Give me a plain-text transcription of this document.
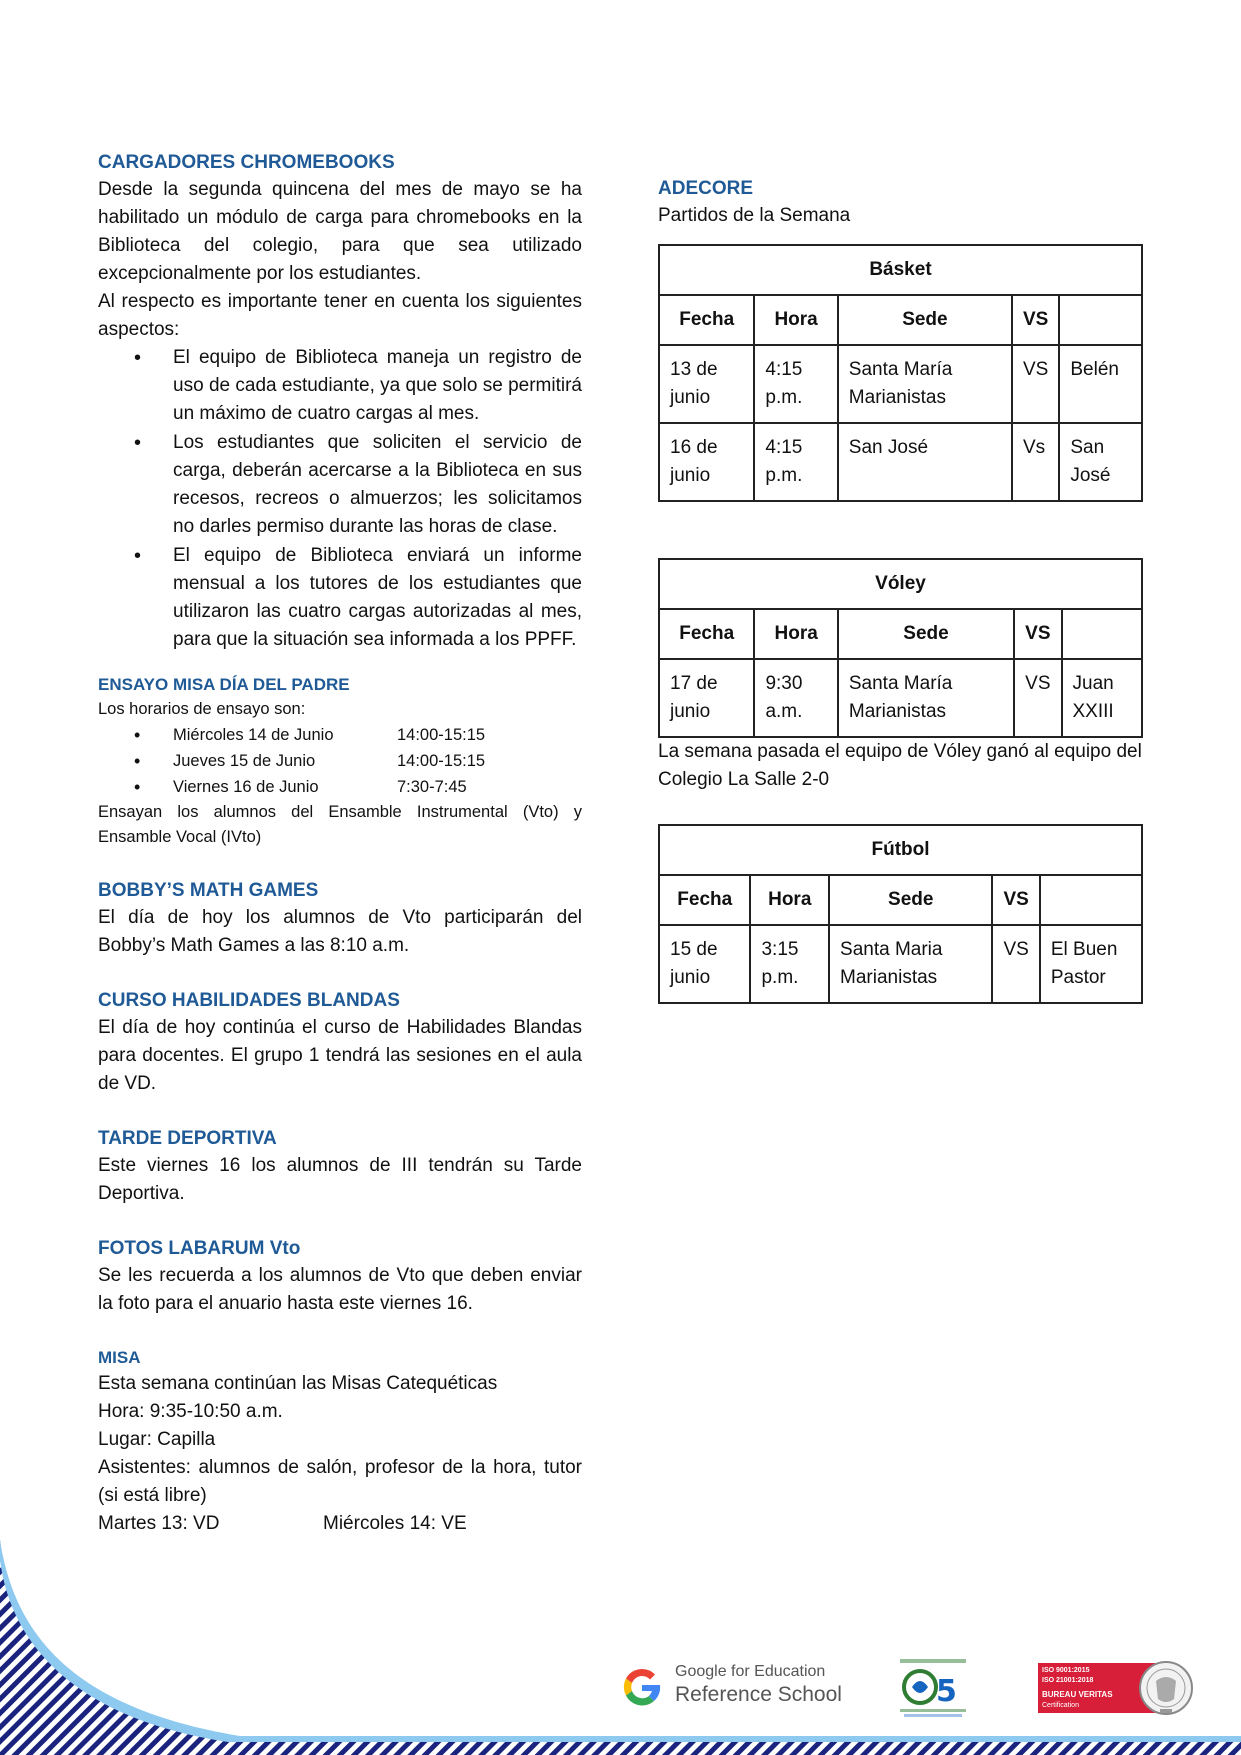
CARGADORES CHROMEBOOKS

Desde la segunda quincena del mes de mayo se ha habilitado un módulo de carga para chromebooks en la Biblioteca del colegio, para que sea utilizado excepcionalmente por los estudiantes.

Al respecto es importante tener en cuenta los siguientes aspectos:

• El equipo de Biblioteca maneja un registro de uso de cada estudiante, ya que solo se permitirá un máximo de cuatro cargas al mes.
• Los estudiantes que soliciten el servicio de carga, deberán acercarse a la Biblioteca en sus recesos, recreos o almuerzos; les solicitamos no darles permiso durante las horas de clase.
• El equipo de Biblioteca enviará un informe mensual a los tutores de los estudiantes que utilizaron las cuatro cargas autorizadas al mes, para que la situación sea informada a los PPFF.
ENSAYO MISA DÍA DEL PADRE

Los horarios de ensayo son:

• Miércoles 14 de Junio	14:00-15:15
• Jueves 15 de Junio	14:00-15:15
• Viernes 16 de Junio	7:30-7:45

Ensayan los alumnos del Ensamble Instrumental (Vto) y Ensamble Vocal (IVto)

BOBBY’S MATH GAMES

El día de hoy los alumnos de Vto participarán del Bobby’s Math Games a las 8:10 a.m.

CURSO HABILIDADES BLANDAS

El día de hoy continúa el curso de Habilidades Blandas para docentes. El grupo 1 tendrá las sesiones en el aula de VD.

TARDE DEPORTIVA

Este viernes 16 los alumnos de III tendrán su Tarde Deportiva.

FOTOS LABARUM Vto

Se les recuerda a los alumnos de Vto que deben enviar la foto para el anuario hasta este viernes 16.

MISA

Esta semana continúan las Misas Catequéticas

Hora: 9:35-10:50 a.m.

Lugar: Capilla

Asistentes: alumnos de salón, profesor de la hora, tutor (si está libre)

Martes 13: VD	Miércoles 14: VE

ADECORE

Partidos de la Semana

Básket				
Fecha	Hora	Sede	VS	
13 de junio	4:15 p.m.	Santa María Marianistas	VS	Belén
16 de junio	4:15 p.m.	San José	Vs	San José
Vóley				
Fecha	Hora	Sede	VS	
17 de junio	9:30 a.m.	Santa María Marianistas	VS	Juan XXIII

La semana pasada el equipo de Vóley ganó al equipo del Colegio La Salle 2-0

Fútbol				
Fecha	Hora	Sede	VS	
15 de junio	3:15 p.m.	Santa Maria Marianistas	VS	El Buen Pastor
Google for Education
Reference School	5
ISO 9001:2015
ISO 21001:2018
BUREAU VERITAS
Certification
